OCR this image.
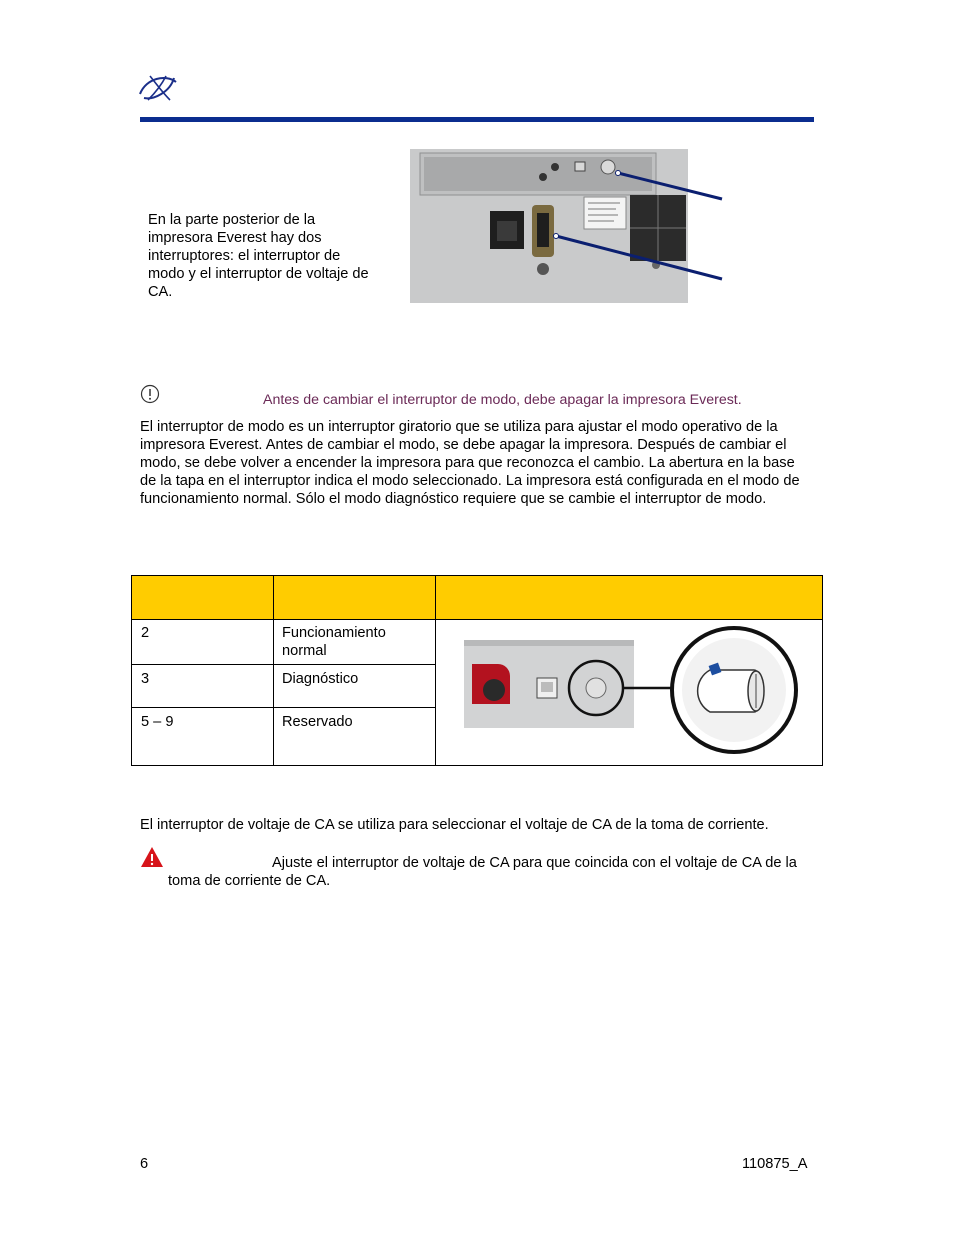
En la parte posterior de la impresora Everest hay dos interruptores: el interruptor de modo y el interruptor de voltaje de CA.
Antes de cambiar el interruptor de modo, debe apagar la impresora Everest.
El interruptor de modo es un interruptor giratorio que se utiliza para ajustar el modo operativo de la impresora Everest. Antes de cambiar el modo, se debe apagar la impresora. Después de cambiar el modo, se debe volver a encender la impresora para que reconozca el cambio. La abertura en la base de la tapa en el interruptor indica el modo seleccionado. La impresora está configurada en el modo de funcionamiento normal. Sólo el modo diagnóstico requiere que se cambie el interruptor de modo.
2	Funcionamiento normal
3	Diagnóstico
5 – 9	Reservado
El interruptor de voltaje de CA se utiliza para seleccionar el voltaje de CA de la toma de corriente.
Ajuste el interruptor de voltaje de CA para que coincida con el voltaje de CA de la toma de corriente de CA.
6	110875_A
